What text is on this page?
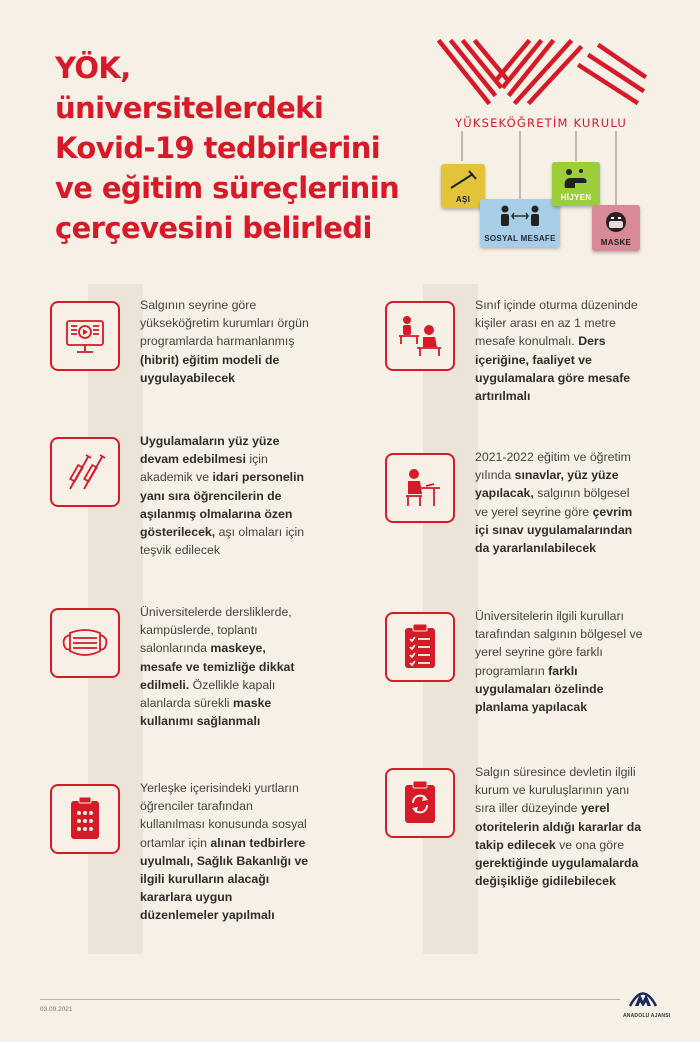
YÖK,
üniversitelerdeki
Kovid-19 tedbirlerini
ve eğitim süreçlerinin
çerçevesini belirledi
YÜKSEKÖĞRETİM KURULU
AŞI
SOSYAL MESAFE
HİJYEN
MASKE
Salgının seyrine göre yükseköğretim kurumları örgün programlarda harmanlanmış (hibrit) eğitim modeli de uygulayabilecek
Uygulamaların yüz yüze devam edebilmesi için akademik ve idari personelin yanı sıra öğrencilerin de aşılanmış olmalarına özen gösterilecek, aşı olmaları için teşvik edilecek
Üniversitelerde dersliklerde, kampüslerde, toplantı salonlarında maskeye, mesafe ve temizliğe dikkat edilmeli. Özellikle kapalı alanlarda sürekli maske kullanımı sağlanmalı
Yerleşke içerisindeki yurtların öğrenciler tarafından kullanılması konusunda sosyal ortamlar için alınan tedbirlere uyulmalı, Sağlık Bakanlığı ve ilgili kurulların alacağı kararlara uygun düzenlemeler yapılmalı
Sınıf içinde oturma düzeninde kişiler arası en az 1 metre mesafe konulmalı. Ders içeriğine, faaliyet ve uygulamalara göre mesafe artırılmalı
2021-2022 eğitim ve öğretim yılında sınavlar, yüz yüze yapılacak, salgının bölgesel ve yerel seyrine göre çevrim içi sınav uygulamalarından da yararlanılabilecek
Üniversitelerin ilgili kurulları tarafından salgının bölgesel ve yerel seyrine göre farklı programların farklı uygulamaları özelinde planlama yapılacak
Salgın süresince devletin ilgili kurum ve kuruluşlarının yanı sıra iller düzeyinde yerel otoritelerin aldığı kararlar da takip edilecek ve ona göre gerektiğinde uygulamalarda değişikliğe gidilebilecek
03.09.2021
ANADOLU AJANSI
